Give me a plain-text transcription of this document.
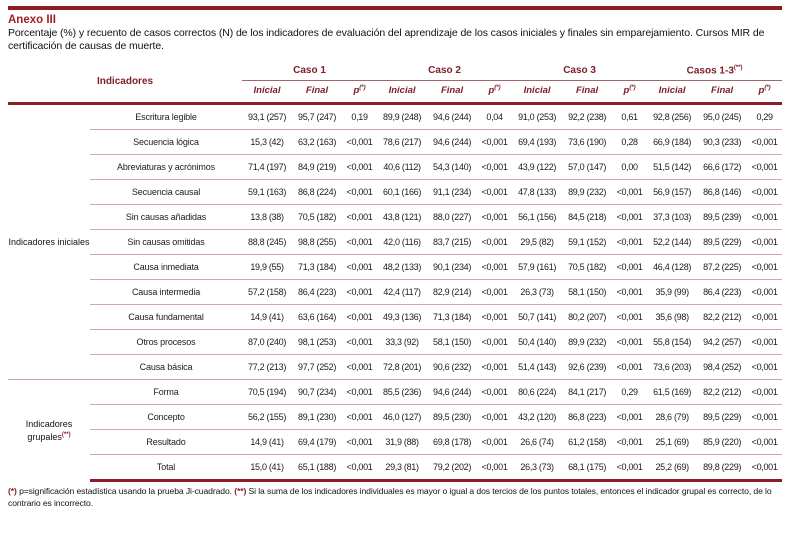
Anexo III

Porcentaje (%) y recuento de casos correctos (N) de los indicadores de evaluación del aprendizaje de los casos iniciales y finales sin emparejamiento. Cursos MIR de certificación de causas de muerte.

Indicadores		Caso 1			Caso 2			Caso 3			Casos 1-3(**)
		Inicial	Final	p(*)	Inicial	Final	p(*)	Inicial	Final	p(*)	Inicial	Final	p(*)
Indicadores iniciales	Escritura legible	93,1 (257)	95,7 (247)	0,19	89,9 (248)	94,6 (244)	0,04	91,0 (253)	92,2 (238)	0,61	92,8 (256)	95,0 (245)	0,29
	Secuencia lógica	15,3 (42)	63,2 (163)	<0,001	78,6 (217)	94,6 (244)	<0,001	69,4 (193)	73,6 (190)	0,28	66,9 (184)	90,3 (233)	<0,001
	Abreviaturas y acrónimos	71,4 (197)	84,9 (219)	<0,001	40,6 (112)	54,3 (140)	<0,001	43,9 (122)	57,0 (147)	0,00	51,5 (142)	66,6 (172)	<0,001
	Secuencia causal	59,1 (163)	86,8 (224)	<0,001	60,1 (166)	91,1 (234)	<0,001	47,8 (133)	89,9 (232)	<0,001	56,9 (157)	86,8 (146)	<0,001
	Sin causas añadidas	13,8 (38)	70,5 (182)	<0,001	43,8 (121)	88,0 (227)	<0,001	56,1 (156)	84,5 (218)	<0,001	37,3 (103)	89,5 (239)	<0,001
	Sin causas omitidas	88,8 (245)	98,8 (255)	<0,001	42,0 (116)	83,7 (215)	<0,001	29,5 (82)	59,1 (152)	<0,001	52,2 (144)	89,5 (229)	<0,001
	Causa inmediata	19,9 (55)	71,3 (184)	<0,001	48,2 (133)	90,1 (234)	<0,001	57,9 (161)	70,5 (182)	<0,001	46,4 (128)	87,2 (225)	<0,001
	Causa intermedia	57,2 (158)	86,4 (223)	<0,001	42,4 (117)	82,9 (214)	<0,001	26,3 (73)	58,1 (150)	<0,001	35,9 (99)	86,4 (223)	<0,001
	Causa fundamental	14,9 (41)	63,6 (164)	<0,001	49,3 (136)	71,3 (184)	<0,001	50,7 (141)	80,2 (207)	<0,001	35,6 (98)	82,2 (212)	<0,001
	Otros procesos	87,0 (240)	98,1 (253)	<0,001	33,3 (92)	58,1 (150)	<0,001	50,4 (140)	89,9 (232)	<0,001	55,8 (154)	94,2 (257)	<0,001
	Causa básica	77,2 (213)	97,7 (252)	<0,001	72,8 (201)	90,6 (232)	<0,001	51,4 (143)	92,6 (239)	<0,001	73,6 (203)	98,4 (252)	<0,001
Indicadores grupales(**)	Forma	70,5 (194)	90,7 (234)	<0,001	85,5 (236)	94,6 (244)	<0,001	80,6 (224)	84,1 (217)	0,29	61,5 (169)	82,2 (212)	<0,001
	Concepto	56,2 (155)	89,1 (230)	<0,001	46,0 (127)	89,5 (230)	<0,001	43,2 (120)	86,8 (223)	<0,001	28,6 (79)	89,5 (229)	<0,001
	Resultado	14,9 (41)	69,4 (179)	<0,001	31,9 (88)	69,8 (178)	<0,001	26,6 (74)	61,2 (158)	<0,001	25,1 (69)	85,9 (220)	<0,001
	Total	15,0 (41)	65,1 (188)	<0,001	29,3 (81)	79,2 (202)	<0,001	26,3 (73)	68,1 (175)	<0,001	25,2 (69)	89,8 (229)	<0,001

(*) p=significación estadística usando la prueba Ji-cuadrado. (**) Si la suma de los indicadores individuales es mayor o igual a dos tercios de los puntos totales, entonces el indicador grupal es correcto, de lo contrario es incorrecto.
